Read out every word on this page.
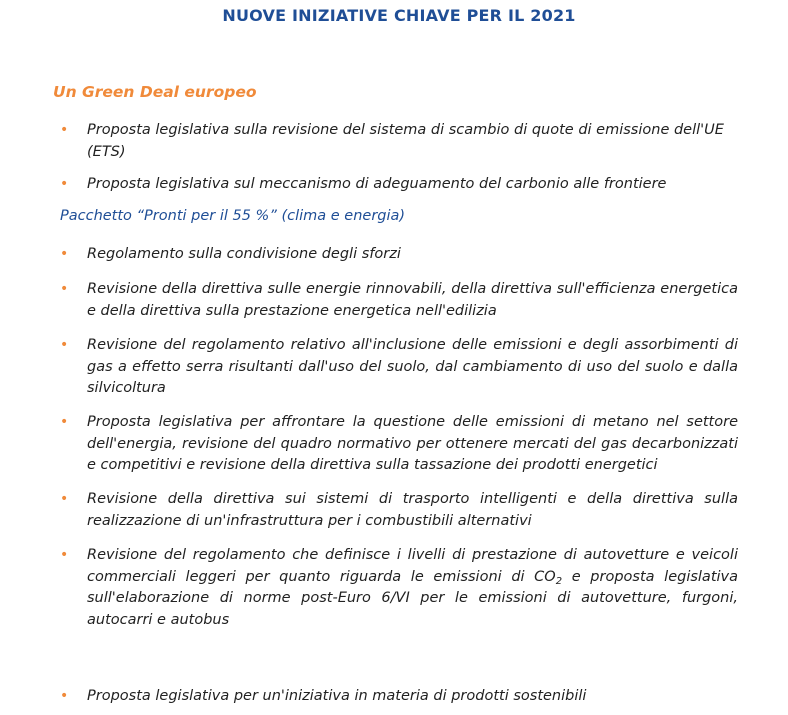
NUOVE INIZIATIVE CHIAVE PER IL 2021
Un Green Deal europeo
• Proposta legislativa sulla revisione del sistema di scambio di quote di emissione dell'UE (ETS)
• Proposta legislativa sul meccanismo di adeguamento del carbonio alle frontiere
Pacchetto “Pronti per il 55 %” (clima e energia)
• Regolamento sulla condivisione degli sforzi
• Revisione della direttiva sulle energie rinnovabili, della direttiva sull'efficienza energetica e della direttiva sulla prestazione energetica nell'edilizia
• Revisione del regolamento relativo all'inclusione delle emissioni e degli assorbimenti di gas a effetto serra risultanti dall'uso del suolo, dal cambiamento di uso del suolo e dalla silvicoltura
• Proposta legislativa per affrontare la questione delle emissioni di metano nel settore dell'energia, revisione del quadro normativo per ottenere mercati del gas decarbonizzati e competitivi e revisione della direttiva sulla tassazione dei prodotti energetici
• Revisione della direttiva sui sistemi di trasporto intelligenti e della direttiva sulla realizzazione di un'infrastruttura per i combustibili alternativi
• Revisione del regolamento che definisce i livelli di prestazione di autovetture e veicoli commerciali leggeri per quanto riguarda le emissioni di $CO_2$ e proposta legislativa sull'elaborazione di norme post-Euro 6/VI per le emissioni di autovetture, furgoni, autocarri e autobus
• Proposta legislativa per un'iniziativa in materia di prodotti sostenibili
